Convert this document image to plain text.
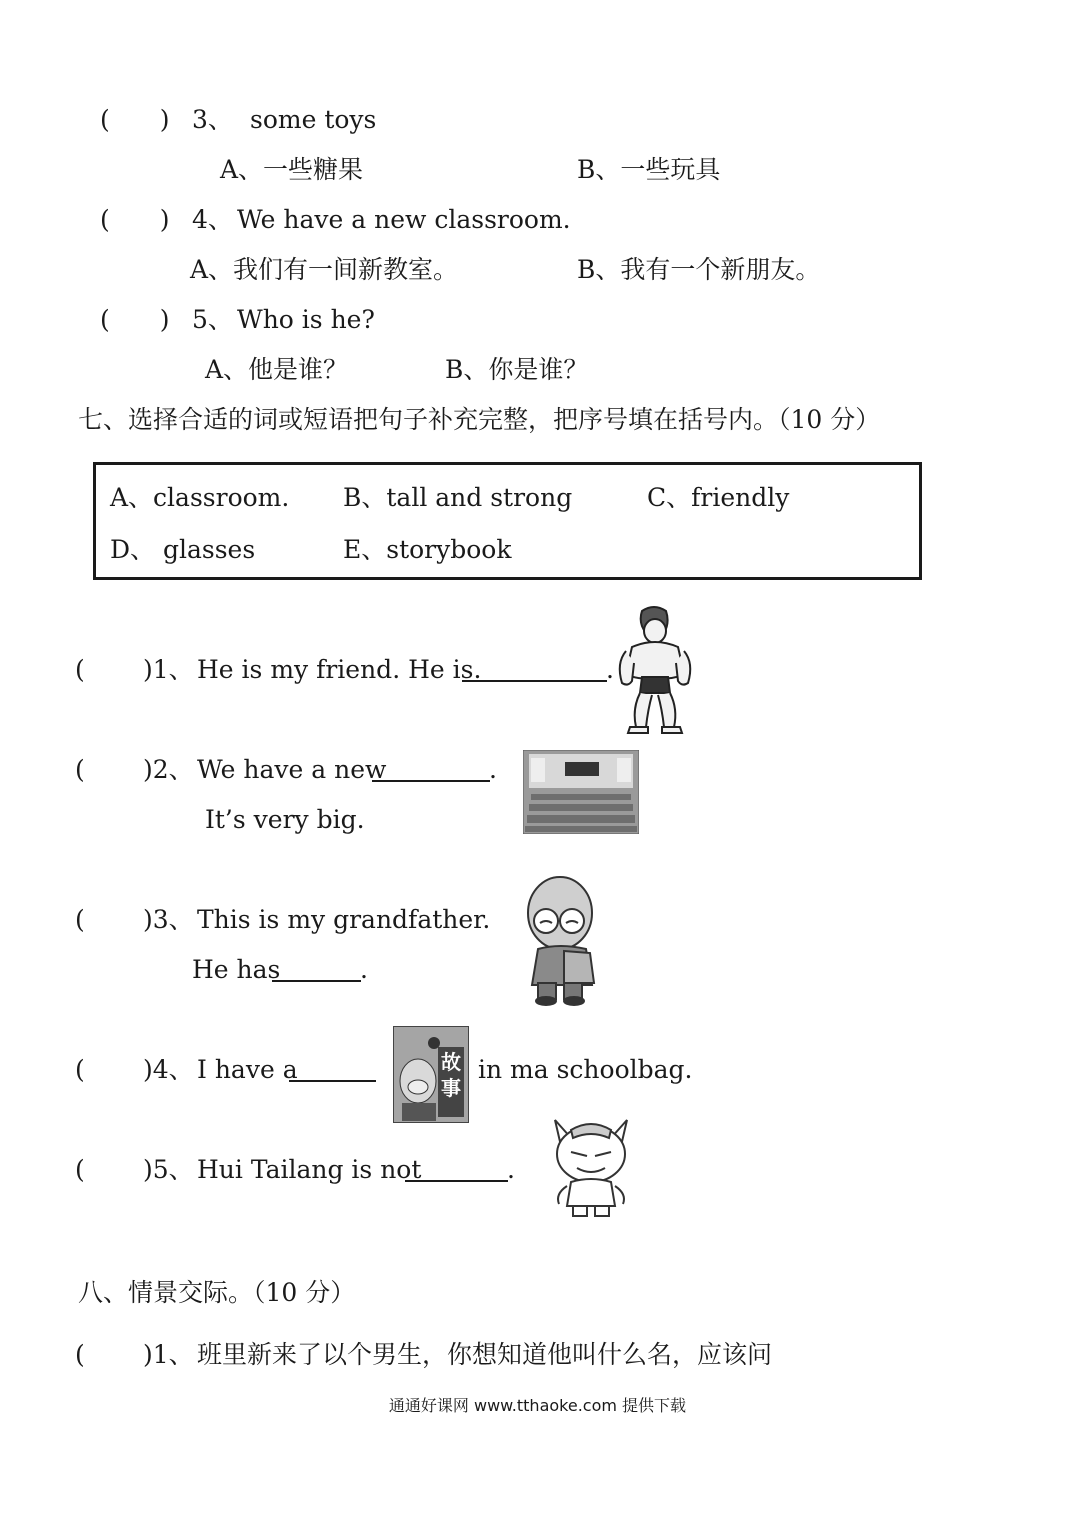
(　　) 3、 some toys
A、一些糖果	B、一些玩具
(　　) 4、 We have a new classroom.
A、我们有一间新教室。	B、我有一个新朋友。
(　　) 5、 Who is he?
A、他是谁？	B、你是谁？
七、选择合适的词或短语把句子补充完整，把序号填在括号内。（10 分）
A、classroom. B、tall and strong	C、friendly
D、 glasses	E、storybook
( )1、 He is my friend. He is.	.
( )2、 We have a new	.
It’s very big.
( )3、 This is my grandfather.
He has	.
( )4、 I have a	故事
in ma schoolbag.
( )5、 Hui Tailang is not	.
八、情景交际。（10 分）
( )1、 班里新来了以个男生，你想知道他叫什么名，应该问
通通好课网 www.tthaoke.com 提供下载
